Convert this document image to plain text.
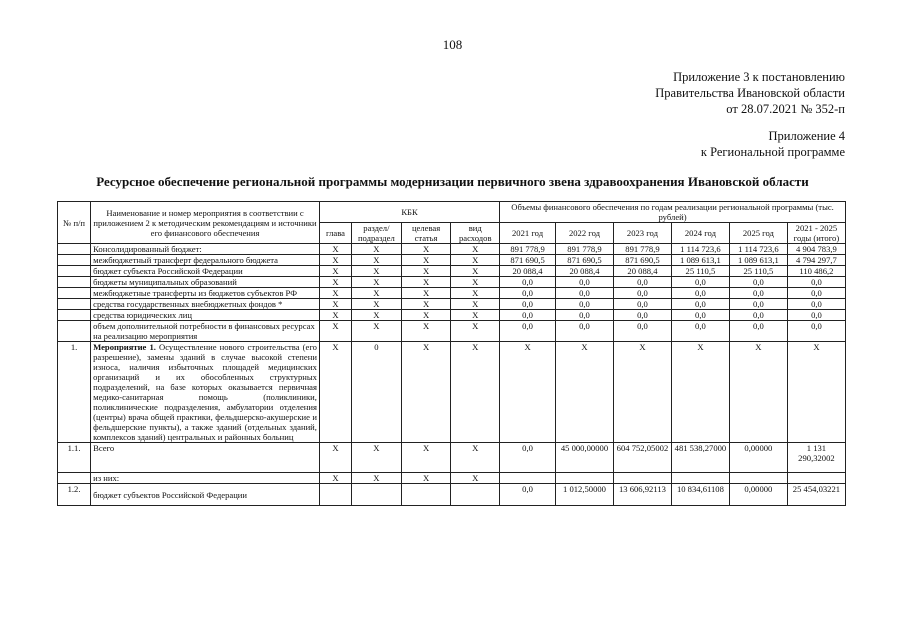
108
Приложение 3 к постановлению
Правительства Ивановской области
от 28.07.2021 № 352-п
Приложение 4
к Региональной программе
Ресурсное обеспечение региональной программы модернизации первичного звена здравоохранения Ивановской области
№ п/п	Наименование и номер мероприятия в соответствии с приложением 2 к методическим рекомендациям и источники его финансового обеспечения	КБК				Объемы финансового обеспечения по годам реализации региональной программы (тыс. рублей)					
		глава	раздел/ подраздел	целевая статья	вид расходов	2021 год	2022 год	2023 год	2024 год	2025 год	2021 - 2025 годы (итого)
	Консолидированный бюджет:	X	X	X	X	891 778,9	891 778,9	891 778,9	1 114 723,6	1 114 723,6	4 904 783,9
	межбюджетный трансферт федерального бюджета	X	X	X	X	871 690,5	871 690,5	871 690,5	1 089 613,1	1 089 613,1	4 794 297,7
	бюджет субъекта Российской Федерации	X	X	X	X	20 088,4	20 088,4	20 088,4	25 110,5	25 110,5	110 486,2
	бюджеты муниципальных образований	X	X	X	X	0,0	0,0	0,0	0,0	0,0	0,0
	межбюджетные трансферты из бюджетов субъектов РФ	X	X	X	X	0,0	0,0	0,0	0,0	0,0	0,0
	средства государственных внебюджетных фондов *	X	X	X	X	0,0	0,0	0,0	0,0	0,0	0,0
	средства юридических лиц	X	X	X	X	0,0	0,0	0,0	0,0	0,0	0,0
	объем дополнительной потребности в финансовых ресурсах на реализацию мероприятия	X	X	X	X	0,0	0,0	0,0	0,0	0,0	0,0
1.	Мероприятие 1. Осуществление нового строительства (его разрешение), замены зданий в случае высокой степени износа, наличия избыточных площадей медицинских организаций и их обособленных структурных подразделений, на базе которых оказывается первичная медико-санитарная помощь (поликлиники, поликлинические подразделения, амбулатории отделения (центры) врача общей практики, фельдшерско-акушерские и фельдшерские пункты), а также зданий (отдельных зданий, комплексов зданий) центральных и районных больниц	X	0	X	X	X	X	X	X	X	X
1.1.	Всего	X	X	X	X	0,0	45 000,00000	604 752,05002	481 538,27000	0,00000	1 131 290,32002
	из них:	X	X	X	X						
1.2.	бюджет субъектов Российской Федерации					0,0	1 012,50000	13 606,92113	10 834,61108	0,00000	25 454,03221
